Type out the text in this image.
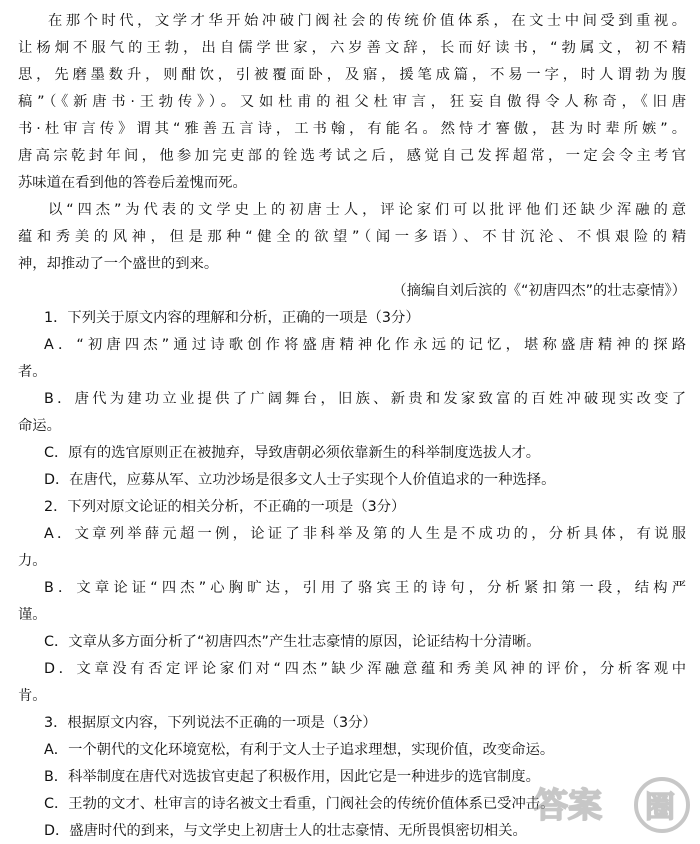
在那个时代，文学才华开始冲破门阀社会的传统价值体系，在文士中间受到重视。
让杨炯不服气的王勃，出自儒学世家，六岁善文辞，长而好读书，“勃属文，初不精
思，先磨墨数升，则酣饮，引被覆面卧，及寤，援笔成篇，不易一字，时人谓勃为腹
稿”（《新唐书·王勃传》）。又如杜甫的祖父杜审言，狂妄自傲得令人称奇，《旧唐
书·杜审言传》谓其“雅善五言诗，工书翰，有能名。然恃才謇傲，甚为时辈所嫉”。
唐高宗乾封年间，他参加完吏部的铨选考试之后，感觉自己发挥超常，一定会令主考官
苏味道在看到他的答卷后羞愧而死。
以“四杰”为代表的文学史上的初唐士人，评论家们可以批评他们还缺少浑融的意
蕴和秀美的风神，但是那种“健全的欲望”（闻一多语）、不甘沉沦、不惧艰险的精
神，却推动了一个盛世的到来。
（摘编自刘后滨的《“初唐四杰”的壮志豪情》）
1．下列关于原文内容的理解和分析，正确的一项是（3分）
A．“初唐四杰”通过诗歌创作将盛唐精神化作永远的记忆，堪称盛唐精神的探路
者。
B．唐代为建功立业提供了广阔舞台，旧族、新贵和发家致富的百姓冲破现实改变了
命运。
C．原有的选官原则正在被抛弃，导致唐朝必须依靠新生的科举制度选拔人才。
D．在唐代，应募从军、立功沙场是很多文人士子实现个人价值追求的一种选择。
2．下列对原文论证的相关分析，不正确的一项是（3分）
A．文章列举薛元超一例，论证了非科举及第的人生是不成功的，分析具体，有说服
力。
B．文章论证“四杰”心胸旷达，引用了骆宾王的诗句，分析紧扣第一段，结构严
谨。
C．文章从多方面分析了“初唐四杰”产生壮志豪情的原因，论证结构十分清晰。
D．文章没有否定评论家们对“四杰”缺少浑融意蕴和秀美风神的评价，分析客观中
肯。
3．根据原文内容，下列说法不正确的一项是（3分）
A．一个朝代的文化环境宽松，有利于文人士子追求理想，实现价值，改变命运。
B．科举制度在唐代对选拔官吏起了积极作用，因此它是一种进步的选官制度。
C．王勃的文才、杜审言的诗名被文士看重，门阀社会的传统价值体系已受冲击。
D．盛唐时代的到来，与文学史上初唐士人的壮志豪情、无所畏惧密切相关。
答案 圈
